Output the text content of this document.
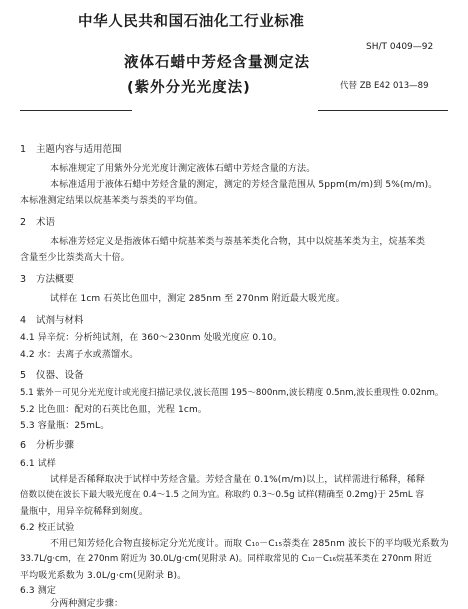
中华人民共和国石油化工行业标准
SH/T 0409—92
液体石蜡中芳烃含量测定法
(紫外分光光度法)	代替 ZB E42 013—89
1 主题内容与适用范围
本标准规定了用紫外分光光度计测定液体石蜡中芳烃含量的方法。
本标准适用于液体石蜡中芳烃含量的测定，测定的芳烃含量范围从 5ppm(m/m)到 5%(m/m)。
本标准测定结果以烷基苯类与萘类的平均值。
2 术语
本标准芳烃定义是指液体石蜡中烷基苯类与萘基苯类化合物，其中以烷基苯类为主，烷基苯类
含量至少比萘类高大十倍。
3 方法概要
试样在 1cm 石英比色皿中，测定 285nm 至 270nm 附近最大吸光度。
4 试剂与材料
4.1 异辛烷：分析纯试剂，在 360～230nm 处吸光度应 0.10。
4.2 水：去离子水或蒸馏水。
5 仪器、设备
5.1 紫外－可见分光光度计或光度扫描记录仪,波长范围 195～800nm,波长精度 0.5nm,波长重现性 0.02nm。
5.2 比色皿：配对的石英比色皿，光程 1cm。
5.3 容量瓶：25mL。
6 分析步骤
6.1 试样
试样是否稀释取决于试样中芳烃含量。芳烃含量在 0.1%(m/m)以上，试样需进行稀释，稀释
倍数以使在波长下最大吸光度在 0.4～1.5 之间为宜。称取约 0.3～0.5g 试样(精确至 0.2mg)于 25mL 容
量瓶中，用异辛烷稀释到刻度。
6.2 校正试验
不用已知芳烃化合物直接标定分光光度计。而取 C₁₀－C₁₅萘类在 285nm 波长下的平均吸光系数为
33.7L/g·cm，在 270nm 附近为 30.0L/g·cm(见附录 A)。同样取常见的 C₁₀－C₁₆烷基苯类在 270nm 附近
平均吸光系数为 3.0L/g·cm(见附录 B)。
6.3 测定
分两种测定步骤：
